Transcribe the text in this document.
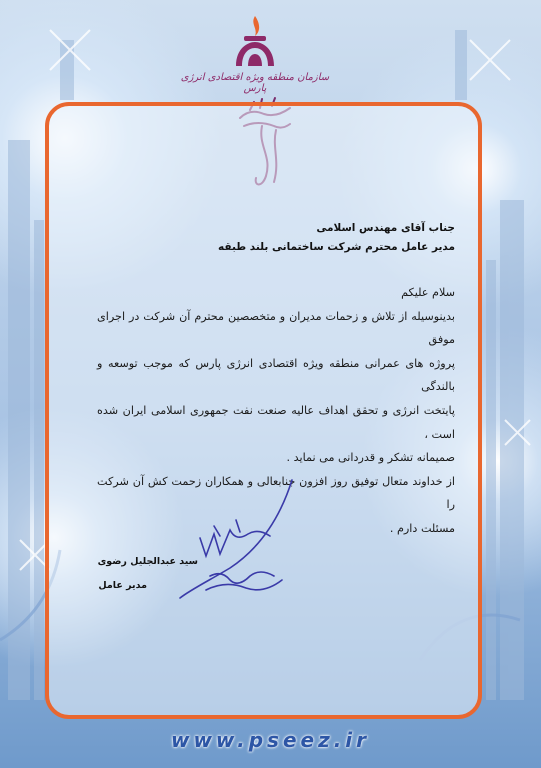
سازمان منطقه ویژه اقتصادی انرژی پارس
جناب آقای مهندس اسلامی
مدیر عامل محترم شرکت ساختمانی بلند طبقه

سلام علیکم

بدینوسیله از تلاش و زحمات مدیران و متخصصین محترم آن شرکت در اجرای موفق

پروژه های عمرانی منطقه ویژه اقتصادی انرژی پارس که موجب توسعه و بالندگی

پایتخت انرژی و تحقق اهداف عالیه صنعت نفت جمهوری اسلامی ایران شده است ،

صمیمانه تشکر و قدردانی می نماید .

از خداوند متعال توفیق روز افزون جنابعالی و همکاران زحمت کش آن شرکت را

مسئلت دارم .

سید عبدالجلیل رضوی
مدیر عامل
www.pseez.ir
